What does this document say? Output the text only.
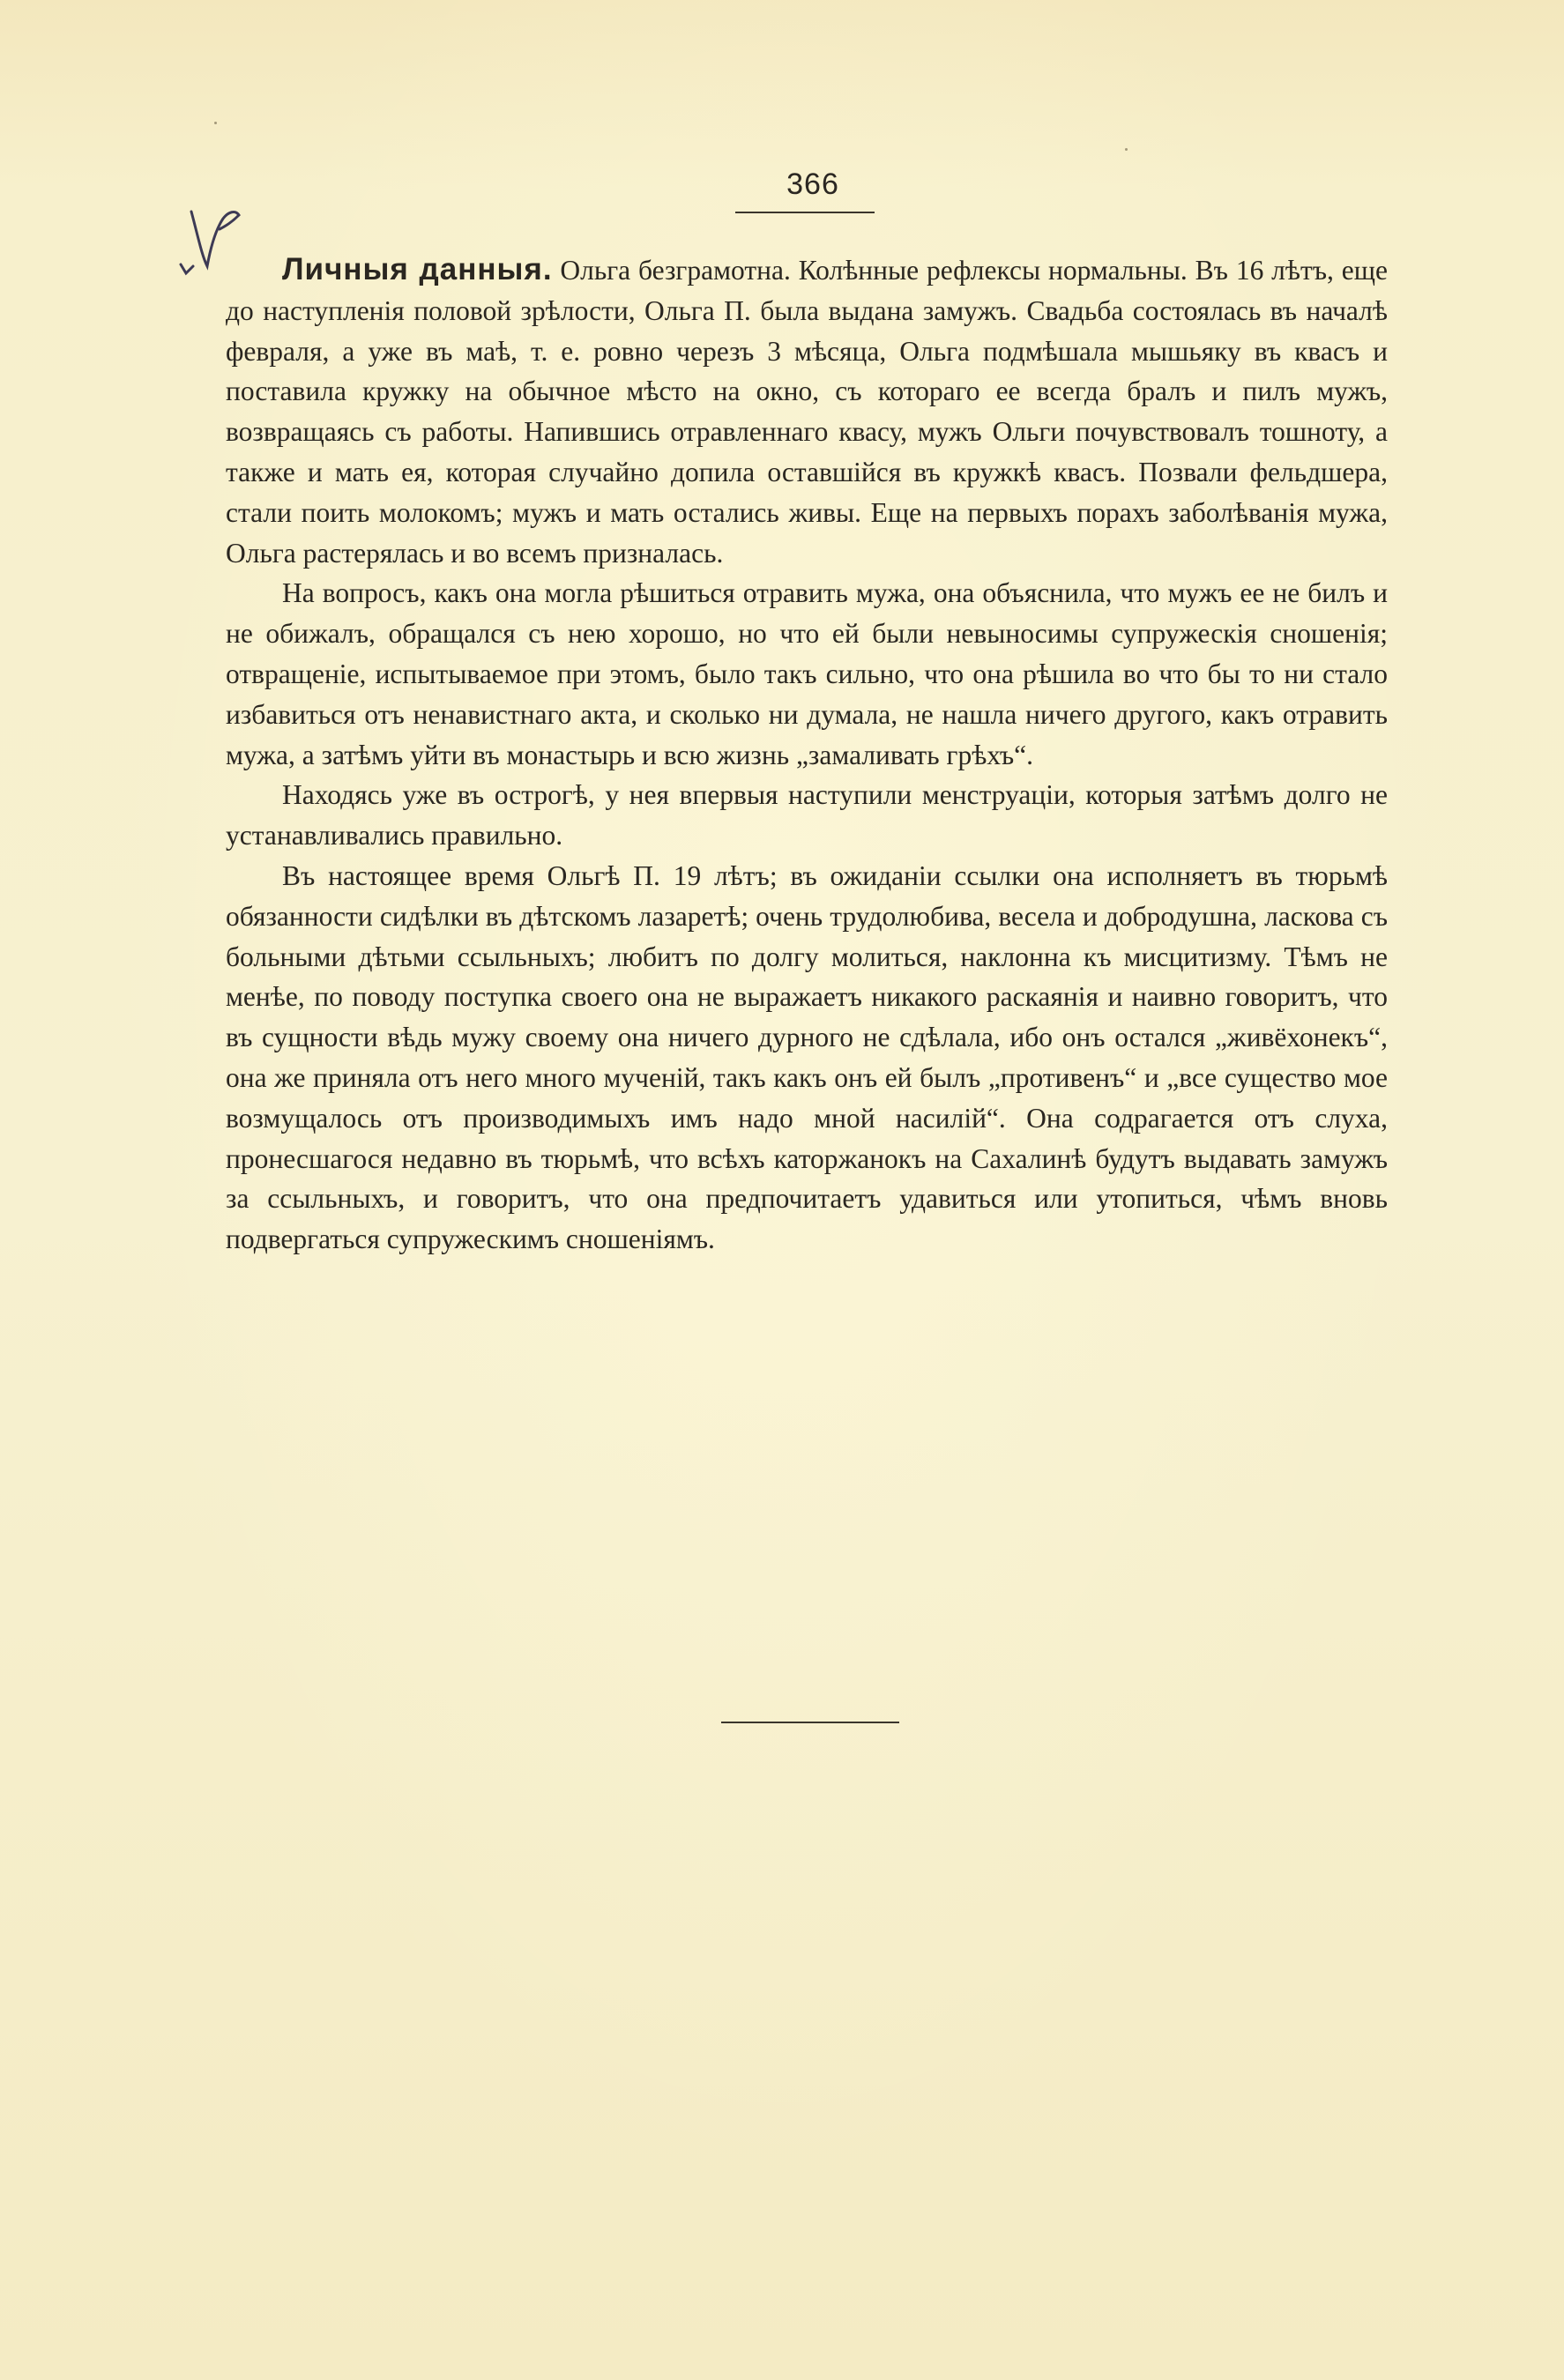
366

Личныя данныя. Ольга безграмотна. Колѣнные рефлексы нормальны. Въ 16 лѣтъ, еще до наступленія половой зрѣлости, Ольга П. была выдана замужъ. Свадьба состоялась въ началѣ февраля, а уже въ маѣ, т. е. ровно черезъ 3 мѣсяца, Ольга подмѣшала мышьяку въ квасъ и поставила кружку на обычное мѣсто на окно, съ котораго ее всегда бралъ и пилъ мужъ, возвращаясь съ работы. Напившись отравленнаго квасу, мужъ Ольги почувствовалъ тошноту, а также и мать ея, которая случайно допила оставшійся въ кружкѣ квасъ. Позвали фельдшера, стали поить молокомъ; мужъ и мать остались живы. Еще на первыхъ порахъ заболѣванія мужа, Ольга растерялась и во всемъ призналась.

На вопросъ, какъ она могла рѣшиться отравить мужа, она объяснила, что мужъ ее не билъ и не обижалъ, обращался съ нею хорошо, но что ей были невыносимы супружескія сношенія; отвращеніе, испытываемое при этомъ, было такъ сильно, что она рѣшила во что бы то ни стало избавиться отъ ненавистнаго акта, и сколько ни думала, не нашла ничего другого, какъ отравить мужа, а затѣмъ уйти въ монастырь и всю жизнь „замаливать грѣхъ“.

Находясь уже въ острогѣ, у нея впервыя наступили менструаціи, которыя затѣмъ долго не устанавливались правильно.

Въ настоящее время Ольгѣ П. 19 лѣтъ; въ ожиданіи ссылки она исполняетъ въ тюрьмѣ обязанности сидѣлки въ дѣтскомъ лазаретѣ; очень трудолюбива, весела и добродушна, ласкова съ больными дѣтьми ссыльныхъ; любитъ по долгу молиться, наклонна къ мисцитизму. Тѣмъ не менѣе, по поводу поступка своего она не выражаетъ никакого раскаянія и наивно говоритъ, что въ сущности вѣдь мужу своему она ничего дурного не сдѣлала, ибо онъ остался „живёхонекъ“, она же приняла отъ него много мученій, такъ какъ онъ ей былъ „противенъ“ и „все существо мое возмущалось отъ производимыхъ имъ надо мной насилій“. Она содрагается отъ слуха, пронесшагося недавно въ тюрьмѣ, что всѣхъ каторжанокъ на Сахалинѣ будутъ выдавать замужъ за ссыльныхъ, и говоритъ, что она предпочитаетъ удавиться или утопиться, чѣмъ вновь подвергаться супружескимъ сношеніямъ.
